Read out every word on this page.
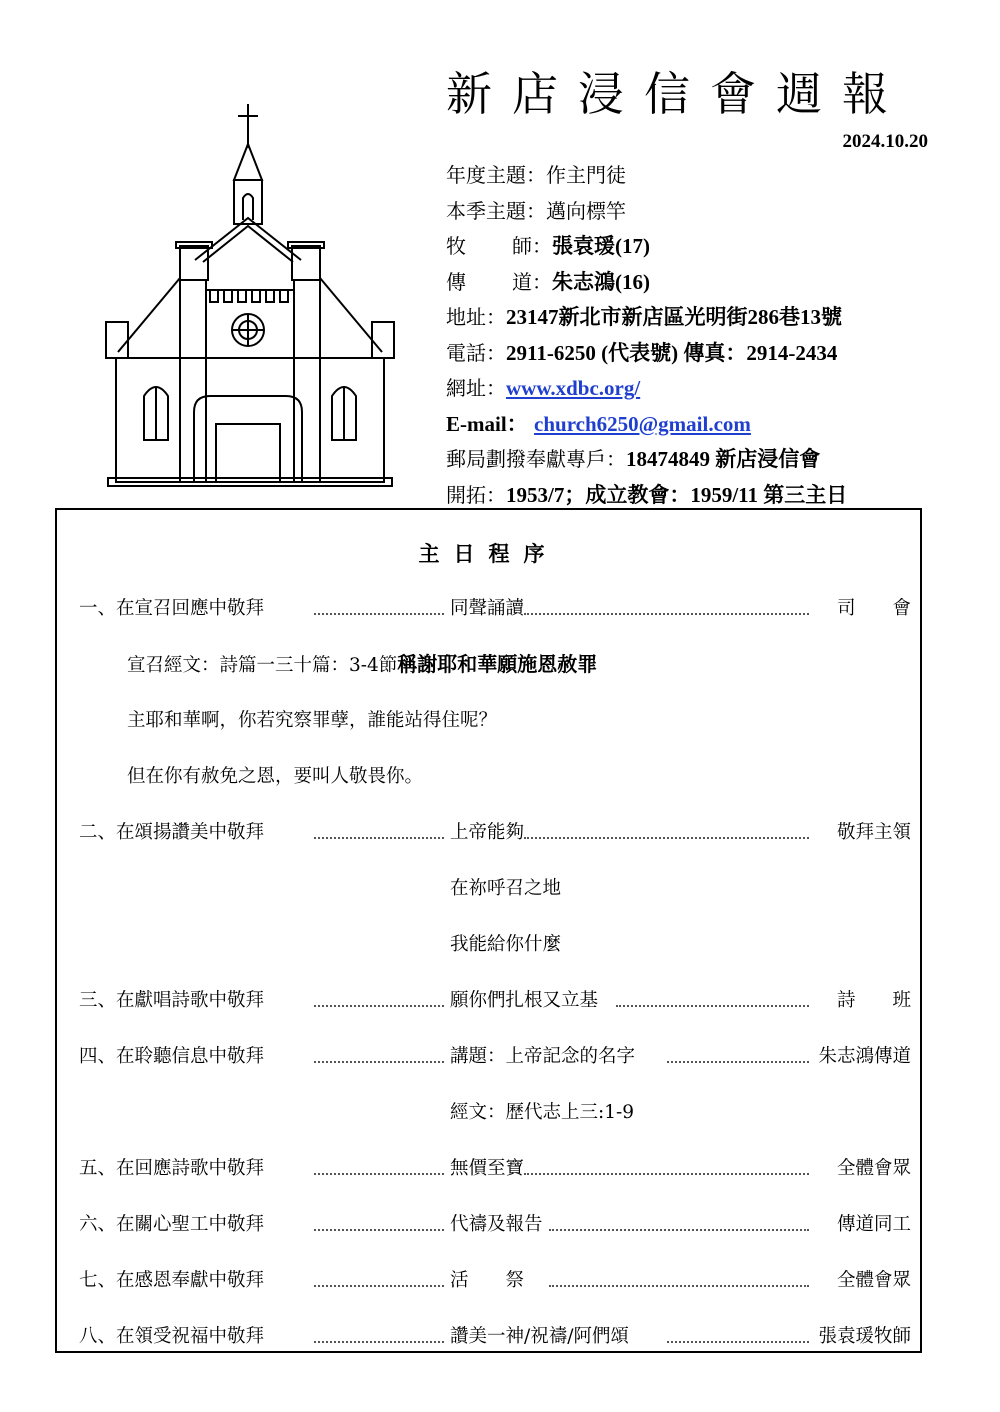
新店浸信會週報
2024.10.20
年度主題：作主門徒
本季主題：邁向標竿
牧 師：張袁瑗(17)
傳 道：朱志鴻(16)
地址：23147新北市新店區光明街286巷13號
電話：2911-6250 (代表號) 傳真：2914-2434
網址：www.xdbc.org/
E-mail： church6250@gmail.com
郵局劃撥奉獻專戶：18474849 新店浸信會
開拓：1953/7；成立教會：1959/11 第三主日
主日程序
一、在宣召回應中敬拜	同聲誦讀	司　　會
宣召經文：詩篇一三十篇：3-4節稱謝耶和華願施恩赦罪
主耶和華啊，你若究察罪孽，誰能站得住呢？
但在你有赦免之恩，要叫人敬畏你。
二、在頌揚讚美中敬拜	上帝能夠	敬拜主領
在祢呼召之地
我能給你什麼
三、在獻唱詩歌中敬拜	願你們扎根又立基	詩　　班
四、在聆聽信息中敬拜	講題：上帝記念的名字	朱志鴻傳道
經文：歷代志上三:1-9
五、在回應詩歌中敬拜	無價至寶	全體會眾
六、在關心聖工中敬拜	代禱及報告	傳道同工
七、在感恩奉獻中敬拜	活　　祭	全體會眾
八、在領受祝福中敬拜	讚美一神/祝禱/阿們頌	張袁瑗牧師
